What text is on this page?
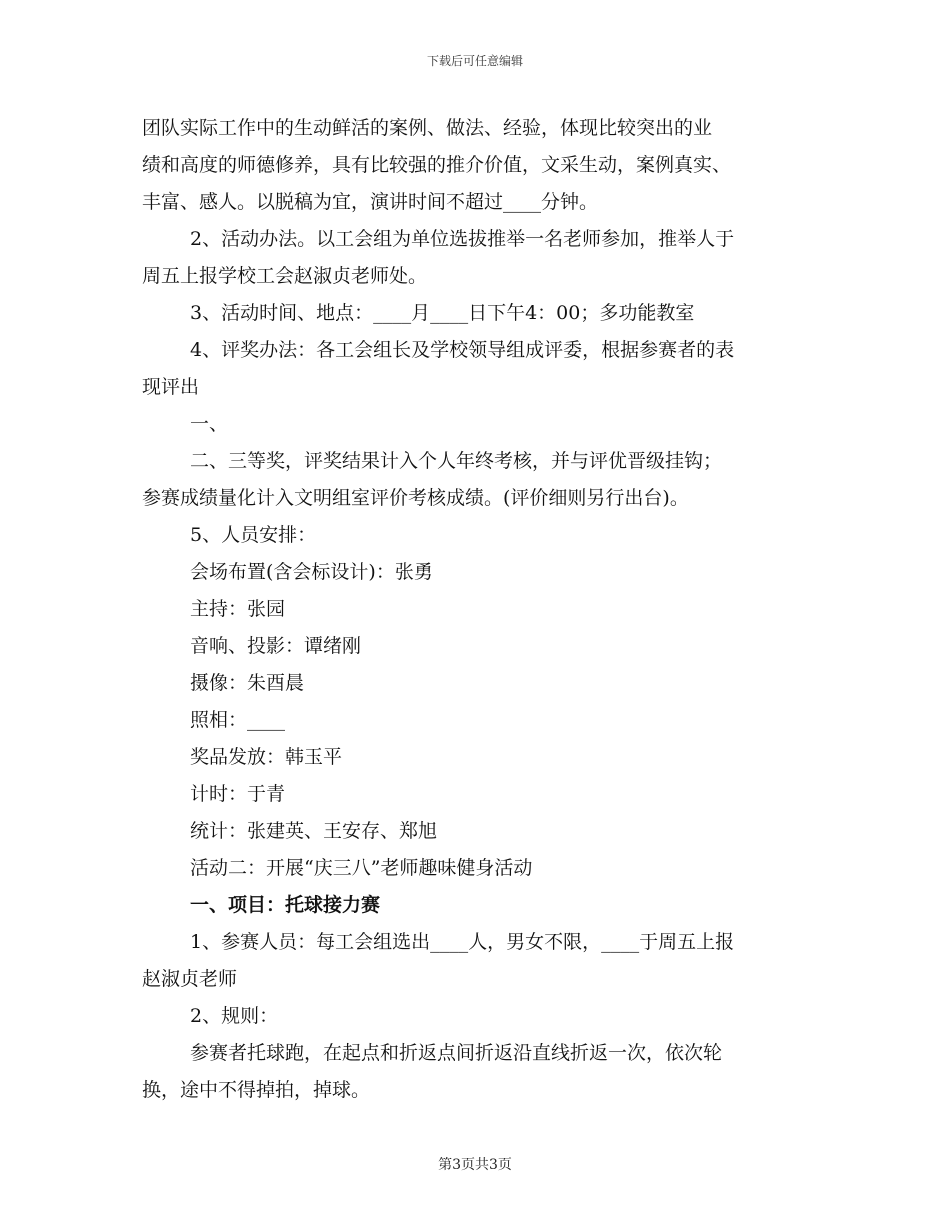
下载后可任意编辑
团队实际工作中的生动鲜活的案例、做法、经验，体现比较突出的业
绩和高度的师德修养，具有比较强的推介价值，文采生动，案例真实、
丰富、感人。以脱稿为宜，演讲时间不超过____分钟。
2、活动办法。以工会组为单位选拔推举一名老师参加，推举人于
周五上报学校工会赵淑贞老师处。
3、活动时间、地点：____月____日下午4：00；多功能教室
4、评奖办法：各工会组长及学校领导组成评委，根据参赛者的表
现评出
一、
二、三等奖，评奖结果计入个人年终考核，并与评优晋级挂钩；
参赛成绩量化计入文明组室评价考核成绩。(评价细则另行出台)。
5、人员安排：
会场布置(含会标设计)：张勇
主持：张园
音响、投影：谭绪刚
摄像：朱酉晨
照相：____
奖品发放：韩玉平
计时：于青
统计：张建英、王安存、郑旭
活动二：开展“庆三八”老师趣味健身活动
一、项目：托球接力赛
1、参赛人员：每工会组选出____人，男女不限，____于周五上报
赵淑贞老师
2、规则：
参赛者托球跑，在起点和折返点间折返沿直线折返一次，依次轮
换，途中不得掉拍，掉球。
第3页共3页
